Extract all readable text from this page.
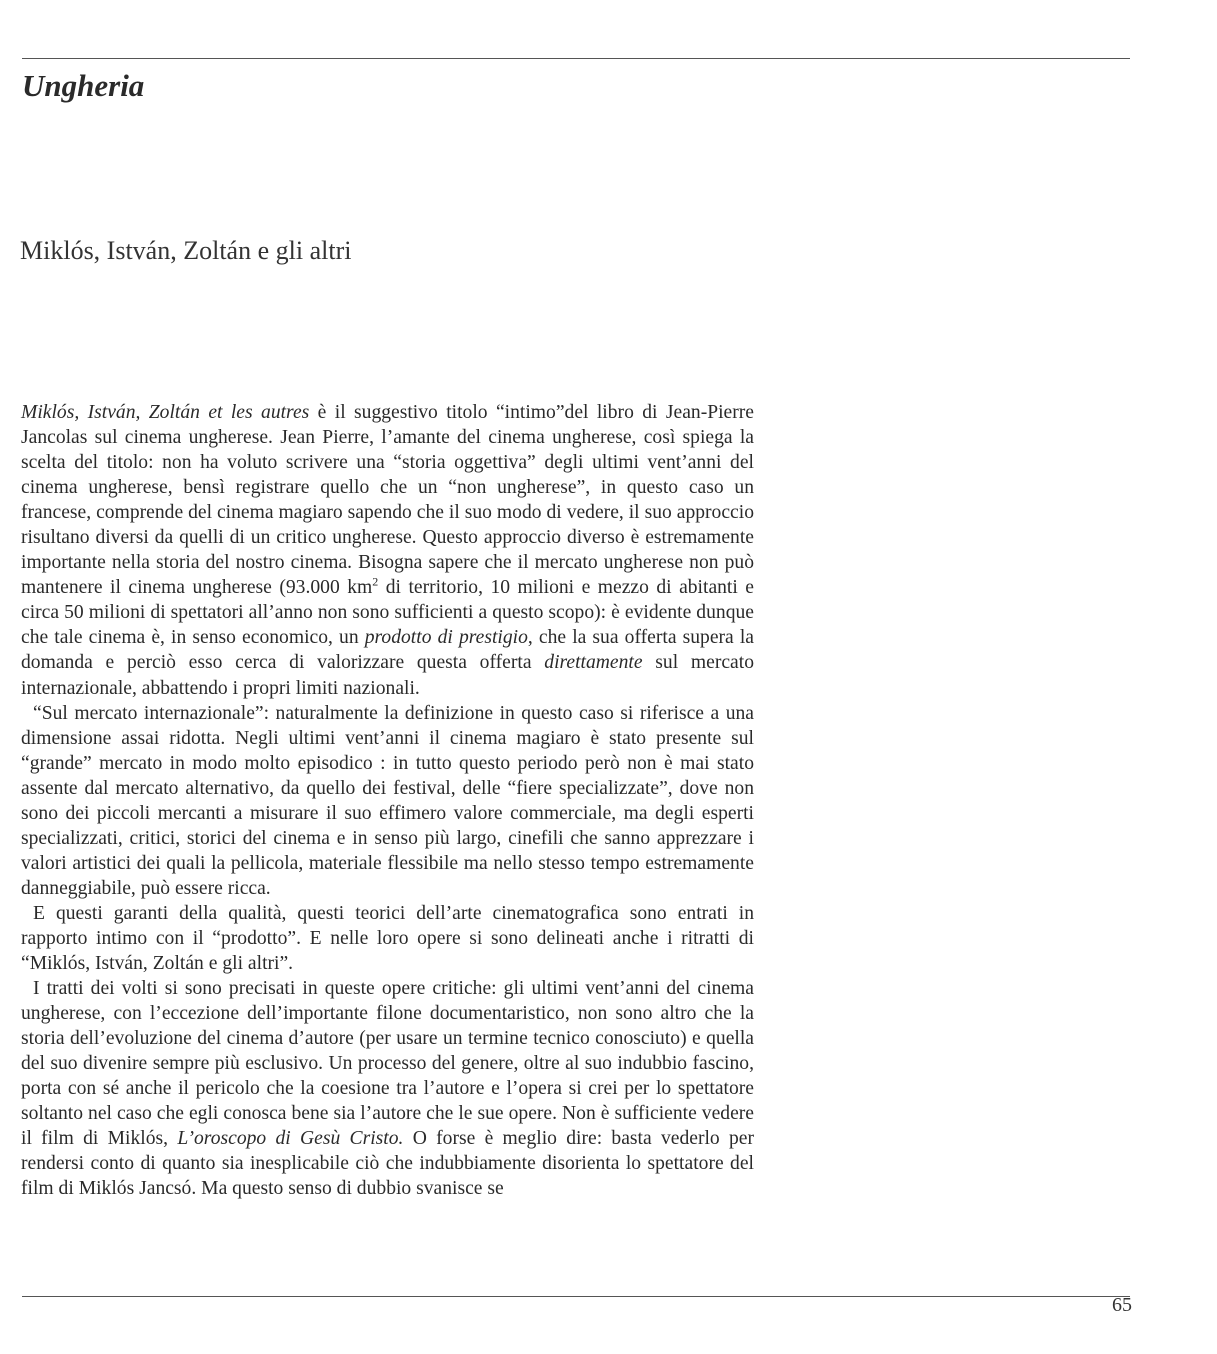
Ungheria
Miklós, István, Zoltán e gli altri

Miklós, István, Zoltán et les autres è il suggestivo titolo “intimo”del libro di Jean-Pierre Jancolas sul cinema ungherese. Jean Pierre, l’amante del cinema ungherese, così spiega la scelta del titolo: non ha voluto scrivere una “storia oggettiva” degli ultimi vent’anni del cinema ungherese, bensì registrare quello che un “non ungherese”, in questo caso un francese, comprende del cinema magiaro sapendo che il suo modo di vedere, il suo approccio risultano diversi da quelli di un critico ungherese. Questo approccio diverso è estremamente importante nella storia del nostro cinema. Bisogna sapere che il mercato ungherese non può mantenere il cinema ungherese (93.000 $km^2$ di territorio, 10 milioni e mezzo di abitanti e circa 50 milioni di spettatori all’anno non sono sufficienti a questo scopo): è evidente dunque che tale cinema è, in senso economico, un prodotto di prestigio, che la sua offerta supera la domanda e perciò esso cerca di valorizzare questa offerta direttamente sul mercato internazionale, abbattendo i propri limiti nazionali.

“Sul mercato internazionale”: naturalmente la definizione in questo caso si riferisce a una dimensione assai ridotta. Negli ultimi vent’anni il cinema magiaro è stato presente sul “grande” mercato in modo molto episodico : in tutto questo periodo però non è mai stato assente dal mercato alternativo, da quello dei festival, delle “fiere specializzate”, dove non sono dei piccoli mercanti a misurare il suo effimero valore commerciale, ma degli esperti specializzati, critici, storici del cinema e in senso più largo, cinefili che sanno apprezzare i valori artistici dei quali la pellicola, materiale flessibile ma nello stesso tempo estremamente danneggiabile, può essere ricca.

E questi garanti della qualità, questi teorici dell’arte cinematografica sono entrati in rapporto intimo con il “prodotto”. E nelle loro opere si sono delineati anche i ritratti di “Miklós, István, Zoltán e gli altri”.

I tratti dei volti si sono precisati in queste opere critiche: gli ultimi vent’anni del cinema ungherese, con l’eccezione dell’importante filone documentaristico, non sono altro che la storia dell’evoluzione del cinema d’autore (per usare un termine tecnico conosciuto) e quella del suo divenire sempre più esclusivo. Un processo del genere, oltre al suo indubbio fascino, porta con sé anche il pericolo che la coesione tra l’autore e l’opera si crei per lo spettatore soltanto nel caso che egli conosca bene sia l’autore che le sue opere. Non è sufficiente vedere il film di Miklós, L’oroscopo di Gesù Cristo. O forse è meglio dire: basta vederlo per rendersi conto di quanto sia inesplicabile ciò che indubbiamente disorienta lo spettatore del film di Miklós Jancsó. Ma questo senso di dubbio svanisce se

65
